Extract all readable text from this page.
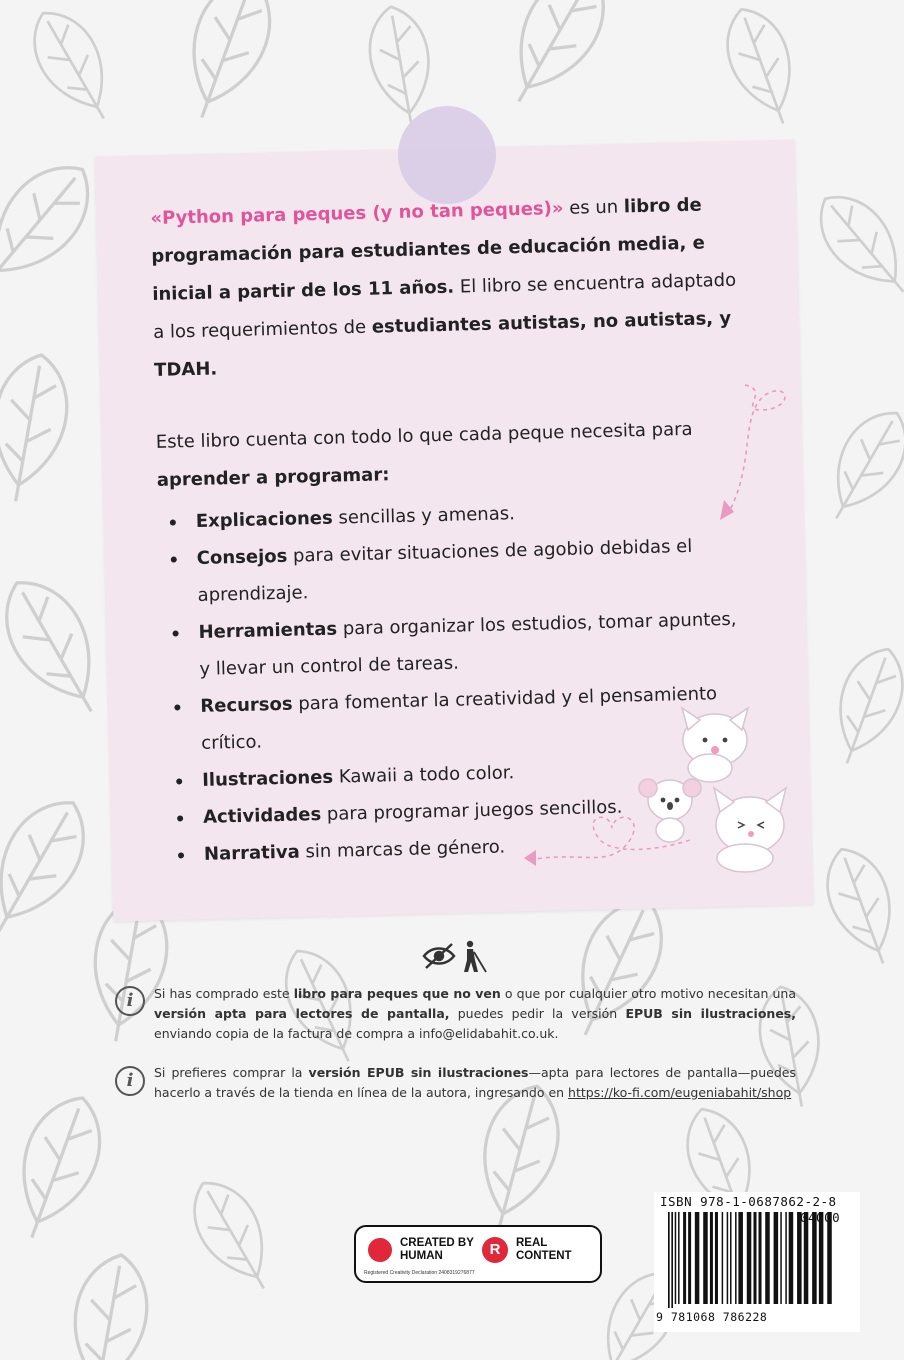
«Python para peques (y no tan peques)» es un libro de programación para estudiantes de educación media, e inicial a partir de los 11 años. El libro se encuentra adaptado a los requerimientos de estudiantes autistas, no autistas, y TDAH.

Este libro cuenta con todo lo que cada peque necesita para aprender a programar:

Explicaciones sencillas y amenas.
Consejos para evitar situaciones de agobio debidas el aprendizaje.
Herramientas para organizar los estudios, tomar apuntes, y llevar un control de tareas.
Recursos para fomentar la creatividad y el pensamiento crítico.
Ilustraciones Kawaii a todo color.
Actividades para programar juegos sencillos.
Narrativa sin marcas de género.
i	Si has comprado este libro para peques que no ven o que por cualquier otro motivo necesitan una versión apta para lectores de pantalla, puedes pedir la versión EPUB sin ilustraciones, enviando copia de la factura de compra a info@elidabahit.co.uk.
i	Si prefieres comprar la versión EPUB sin ilustraciones—apta para lectores de pantalla—puedes hacerlo a través de la tienda en línea de la autora, ingresando en https://ko-fi.com/eugeniabahit/shop
CREATED BY HUMAN	R	REAL CONTENT
Registered Creativity Declaration 2408319276877
ISBN 978-1-0687862-2-8
04000
9 781068 786228
